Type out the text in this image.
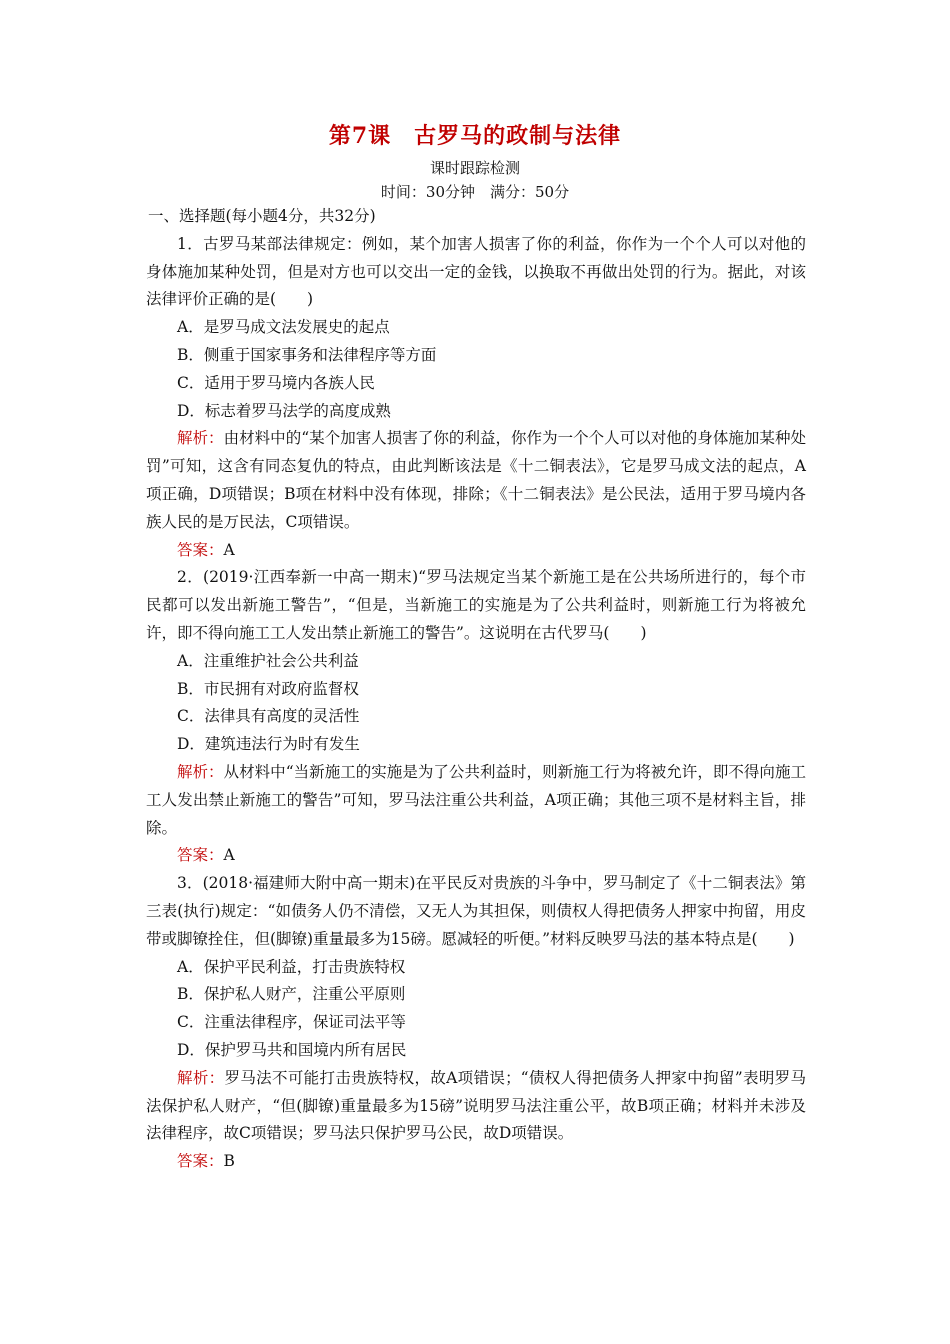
第7课　古罗马的政制与法律
课时跟踪检测
时间：30分钟　满分：50分
一、选择题(每小题4分，共32分)
1．古罗马某部法律规定：例如，某个加害人损害了你的利益，你作为一个个人可以对他的身体施加某种处罚，但是对方也可以交出一定的金钱，以换取不再做出处罚的行为。据此，对该法律评价正确的是(　　)
A．是罗马成文法发展史的起点
B．侧重于国家事务和法律程序等方面
C．适用于罗马境内各族人民
D．标志着罗马法学的高度成熟
解析：由材料中的“某个加害人损害了你的利益，你作为一个个人可以对他的身体施加某种处罚”可知，这含有同态复仇的特点，由此判断该法是《十二铜表法》，它是罗马成文法的起点，A项正确，D项错误；B项在材料中没有体现，排除；《十二铜表法》是公民法，适用于罗马境内各族人民的是万民法，C项错误。
答案：A
2．(2019·江西奉新一中高一期末)“罗马法规定当某个新施工是在公共场所进行的，每个市民都可以发出新施工警告”，“但是，当新施工的实施是为了公共利益时，则新施工行为将被允许，即不得向施工工人发出禁止新施工的警告”。这说明在古代罗马(　　)
A．注重维护社会公共利益
B．市民拥有对政府监督权
C．法律具有高度的灵活性
D．建筑违法行为时有发生
解析：从材料中“当新施工的实施是为了公共利益时，则新施工行为将被允许，即不得向施工工人发出禁止新施工的警告”可知，罗马法注重公共利益，A项正确；其他三项不是材料主旨，排除。
答案：A
3．(2018·福建师大附中高一期末)在平民反对贵族的斗争中，罗马制定了《十二铜表法》第三表(执行)规定：“如债务人仍不清偿，又无人为其担保，则债权人得把债务人押家中拘留，用皮带或脚镣拴住，但(脚镣)重量最多为15磅。愿减轻的听便。”材料反映罗马法的基本特点是(　　)
A．保护平民利益，打击贵族特权
B．保护私人财产，注重公平原则
C．注重法律程序，保证司法平等
D．保护罗马共和国境内所有居民
解析：罗马法不可能打击贵族特权，故A项错误；“债权人得把债务人押家中拘留”表明罗马法保护私人财产，“但(脚镣)重量最多为15磅”说明罗马法注重公平，故B项正确；材料并未涉及法律程序，故C项错误；罗马法只保护罗马公民，故D项错误。
答案：B
